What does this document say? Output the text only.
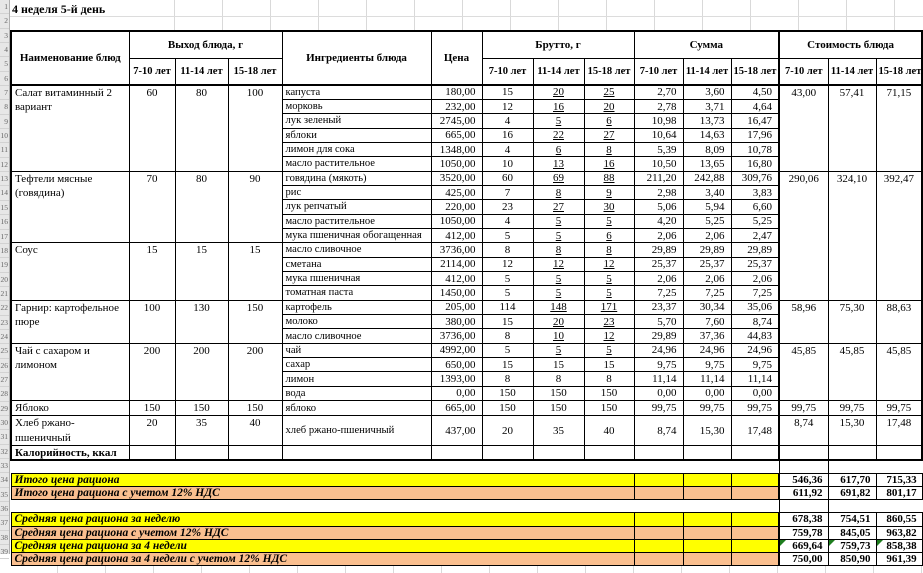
1
2
3
4
5
6
7
8
9
10
11
12
13
14
15
16
17
18
19
20
21
22
23
24
25
26
27
28
29
30
31
32
33
34
35
36
37
38
39
4 неделя 5-й день
Наименование блюд	Выход блюда, г			Ингредиенты блюда	Цена	Брутто, г			Сумма			Стоимость блюда		
	7-10 лет	11-14 лет	15-18 лет			7-10 лет	11-14 лет	15-18 лет	7-10 лет	11-14 лет	15-18 лет	7-10 лет	11-14 лет	15-18 лет
Салат витаминный 2 вариант	60	80	100	капуста	180,00	15	20	25	2,70	3,60	4,50	43,00	57,41	71,15
				морковь	232,00	12	16	20	2,78	3,71	4,64			
				лук зеленый	2745,00	4	5	6	10,98	13,73	16,47			
				яблоки	665,00	16	22	27	10,64	14,63	17,96			
				лимон для сока	1348,00	4	6	8	5,39	8,09	10,78			
				масло растительное	1050,00	10	13	16	10,50	13,65	16,80			
Тефтели мясные (говядина)	70	80	90	говядина (мякоть)	3520,00	60	69	88	211,20	242,88	309,76	290,06	324,10	392,47
				рис	425,00	7	8	9	2,98	3,40	3,83			
				лук репчатый	220,00	23	27	30	5,06	5,94	6,60			
				масло растительное	1050,00	4	5	5	4,20	5,25	5,25			
				мука пшеничная обогащенная	412,00	5	5	6	2,06	2,06	2,47			
Соус	15	15	15	масло сливочное	3736,00	8	8	8	29,89	29,89	29,89			
				сметана	2114,00	12	12	12	25,37	25,37	25,37			
				мука пшеничная	412,00	5	5	5	2,06	2,06	2,06			
				томатная паста	1450,00	5	5	5	7,25	7,25	7,25			
Гарнир: картофельное пюре	100	130	150	картофель	205,00	114	148	171	23,37	30,34	35,06	58,96	75,30	88,63
				молоко	380,00	15	20	23	5,70	7,60	8,74			
				масло сливочное	3736,00	8	10	12	29,89	37,36	44,83			
Чай с сахаром и лимоном	200	200	200	чай	4992,00	5	5	5	24,96	24,96	24,96	45,85	45,85	45,85
				сахар	650,00	15	15	15	9,75	9,75	9,75			
				лимон	1393,00	8	8	8	11,14	11,14	11,14			
				вода	0,00	150	150	150	0,00	0,00	0,00			
Яблоко	150	150	150	яблоко	665,00	150	150	150	99,75	99,75	99,75	99,75	99,75	99,75
Хлеб ржано-пшеничный	20	35	40	хлеб ржано-пшеничный	437,00	20	35	40	8,74	15,30	17,48	8,74	15,30	17,48
Калорийность, ккал														

Итого цена рациона												546,36	617,70	715,33
Итого цена рациона с учетом 12% НДС												611,92	691,82	801,17

Средняя цена рациона за неделю												678,38	754,51	860,55
Средняя цена рациона с учетом 12% НДС												759,78	845,05	963,82
Средняя цена рациона за 4 недели												669,64	759,73	858,38
Средняя цена рациона за 4 недели с учетом 12% НДС												750,00	850,90	961,39
